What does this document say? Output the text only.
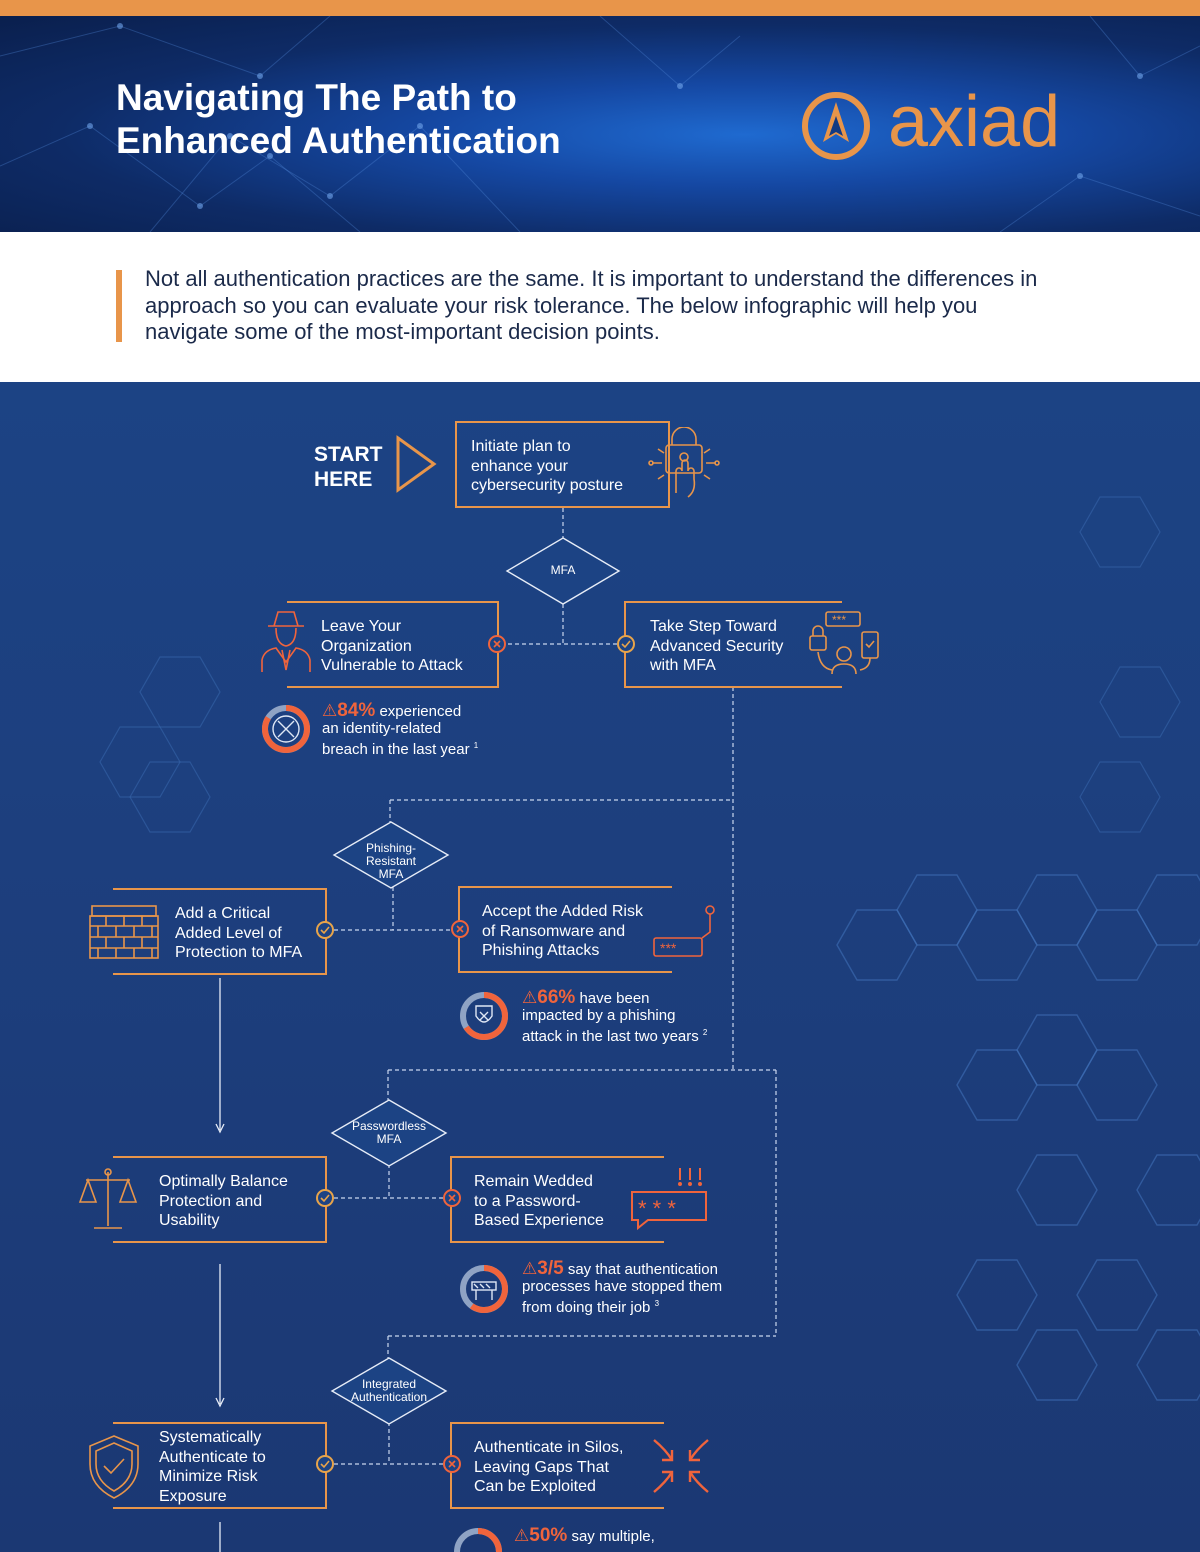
Navigating The Path to
Enhanced Authentication	axiad

Not all authentication practices are the same. It is important to understand the differences in approach so you can evaluate your risk tolerance. The below infographic will help you navigate some of the most-important decision points.

START
HERE

Initiate plan to
enhance your
cybersecurity posture
MFA
Phishing-
Resistant
MFA
Passwordless
MFA
Integrated
Authentication
Leave Your
Organization
Vulnerable to Attack
Take Step Toward
Advanced Security
with MFA
***
⚠84% experienced
an identity-related
breach in the last year $^1$
Add a Critical
Added Level of
Protection to MFA
Accept the Added Risk
of Ransomware and
Phishing Attacks	***
⚠66% have been
impacted by a phishing
attack in the last two years $^2$
Optimally Balance
Protection and
Usability
Remain Wedded
to a Password-
Based Experience * * *
⚠3/5 say that authentication
processes have stopped them
from doing their job $^3$
Systematically
Authenticate to
Minimize Risk
Exposure
Authenticate in Silos,
Leaving Gaps That
Can be Exploited
⚠50% say multiple,
